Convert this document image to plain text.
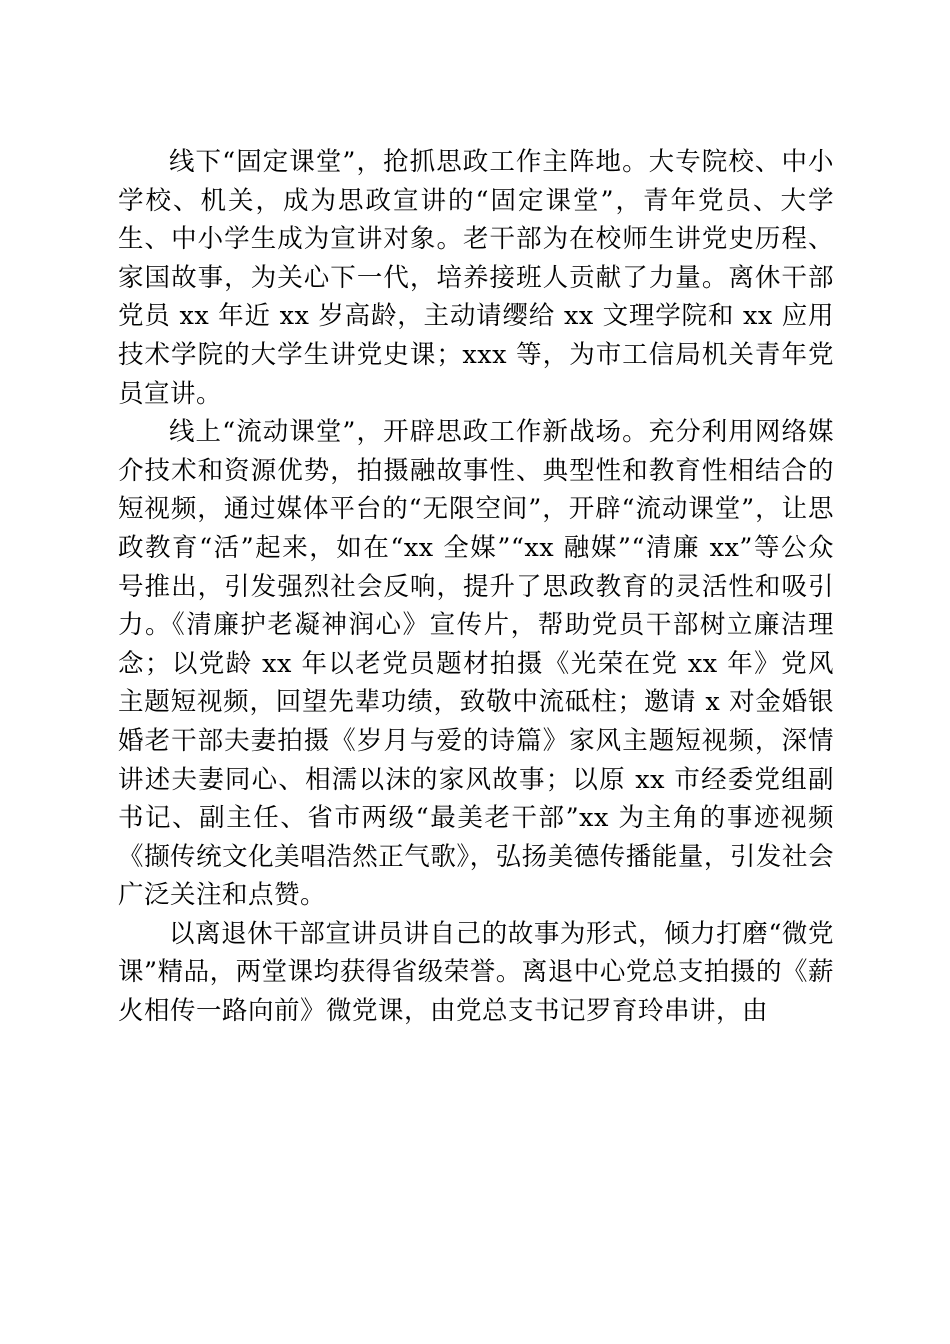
线下“固定课堂”，抢抓思政工作主阵地。大专院校、中小学校、机关，成为思政宣讲的“固定课堂”，青年党员、大学生、中小学生成为宣讲对象。老干部为在校师生讲党史历程、家国故事，为关心下一代，培养接班人贡献了力量。离休干部党员 xx 年近 xx 岁高龄，主动请缨给 xx 文理学院和 xx 应用技术学院的大学生讲党史课；xxx 等，为市工信局机关青年党员宣讲。

线上“流动课堂”，开辟思政工作新战场。充分利用网络媒介技术和资源优势，拍摄融故事性、典型性和教育性相结合的短视频，通过媒体平台的“无限空间”，开辟“流动课堂”，让思政教育“活”起来，如在“xx 全媒”“xx 融媒”“清廉 xx”等公众号推出，引发强烈社会反响，提升了思政教育的灵活性和吸引力。《清廉护老凝神润心》宣传片，帮助党员干部树立廉洁理念；以党龄 xx 年以老党员题材拍摄《光荣在党 xx 年》党风主题短视频，回望先辈功绩，致敬中流砥柱；邀请 x 对金婚银婚老干部夫妻拍摄《岁月与爱的诗篇》家风主题短视频，深情讲述夫妻同心、相濡以沫的家风故事；以原 xx 市经委党组副书记、副主任、省市两级“最美老干部”xx 为主角的事迹视频《撷传统文化美唱浩然正气歌》，弘扬美德传播能量，引发社会广泛关注和点赞。

以离退休干部宣讲员讲自己的故事为形式，倾力打磨“微党课”精品，两堂课均获得省级荣誉。离退中心党总支拍摄的《薪火相传一路向前》微党课，由党总支书记罗育玲串讲，由
